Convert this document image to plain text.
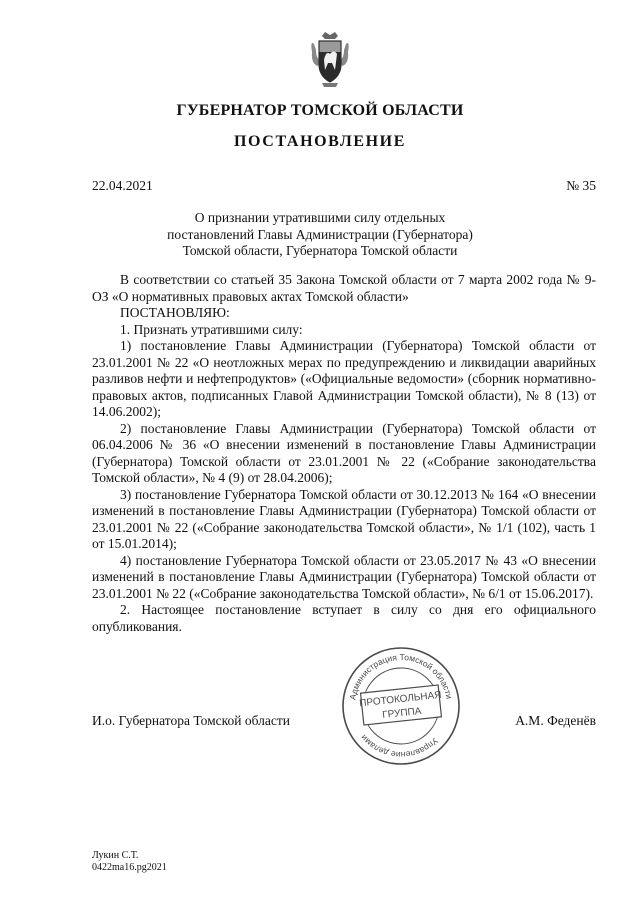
ГУБЕРНАТОР ТОМСКОЙ ОБЛАСТИ
ПОСТАНОВЛЕНИЕ
22.04.2021	№ 35
О признании утратившими силу отдельных
постановлений Главы Администрации (Губернатора)
Томской области, Губернатора Томской области

В соответствии со статьей 35 Закона Томской области от 7 марта 2002 года № 9-ОЗ «О нормативных правовых актах Томской области»

ПОСТАНОВЛЯЮ:

1. Признать утратившими силу:

1) постановление Главы Администрации (Губернатора) Томской области от 23.01.2001 № 22 «О неотложных мерах по предупреждению и ликвидации аварийных разливов нефти и нефтепродуктов» («Официальные ведомости» (сборник нормативно-правовых актов, подписанных Главой Администрации Томской области), № 8 (13) от 14.06.2002);

2) постановление Главы Администрации (Губернатора) Томской области от 06.04.2006 № 36 «О внесении изменений в постановление Главы Администрации (Губернатора) Томской области от 23.01.2001 № 22 («Собрание законодательства Томской области», № 4 (9) от 28.04.2006);

3) постановление Губернатора Томской области от 30.12.2013 № 164 «О внесении изменений в постановление Главы Администрации (Губернатора) Томской области от 23.01.2001 № 22 («Собрание законодательства Томской области», № 1/1 (102), часть 1 от 15.01.2014);

4) постановление Губернатора Томской области от 23.05.2017 № 43 «О внесении изменений в постановление Главы Администрации (Губернатора) Томской области от 23.01.2001 № 22 («Собрание законодательства Томской области», № 6/1 от 15.06.2017).

2. Настоящее постановление вступает в силу со дня его официального опубликования.

Администрация Томской области
Управление делами
ПРОТОКОЛЬНАЯ
ГРУППА
И.о. Губернатора Томской области	А.М. Феденёв
Лукин С.Т.
0422ma16.pg2021
